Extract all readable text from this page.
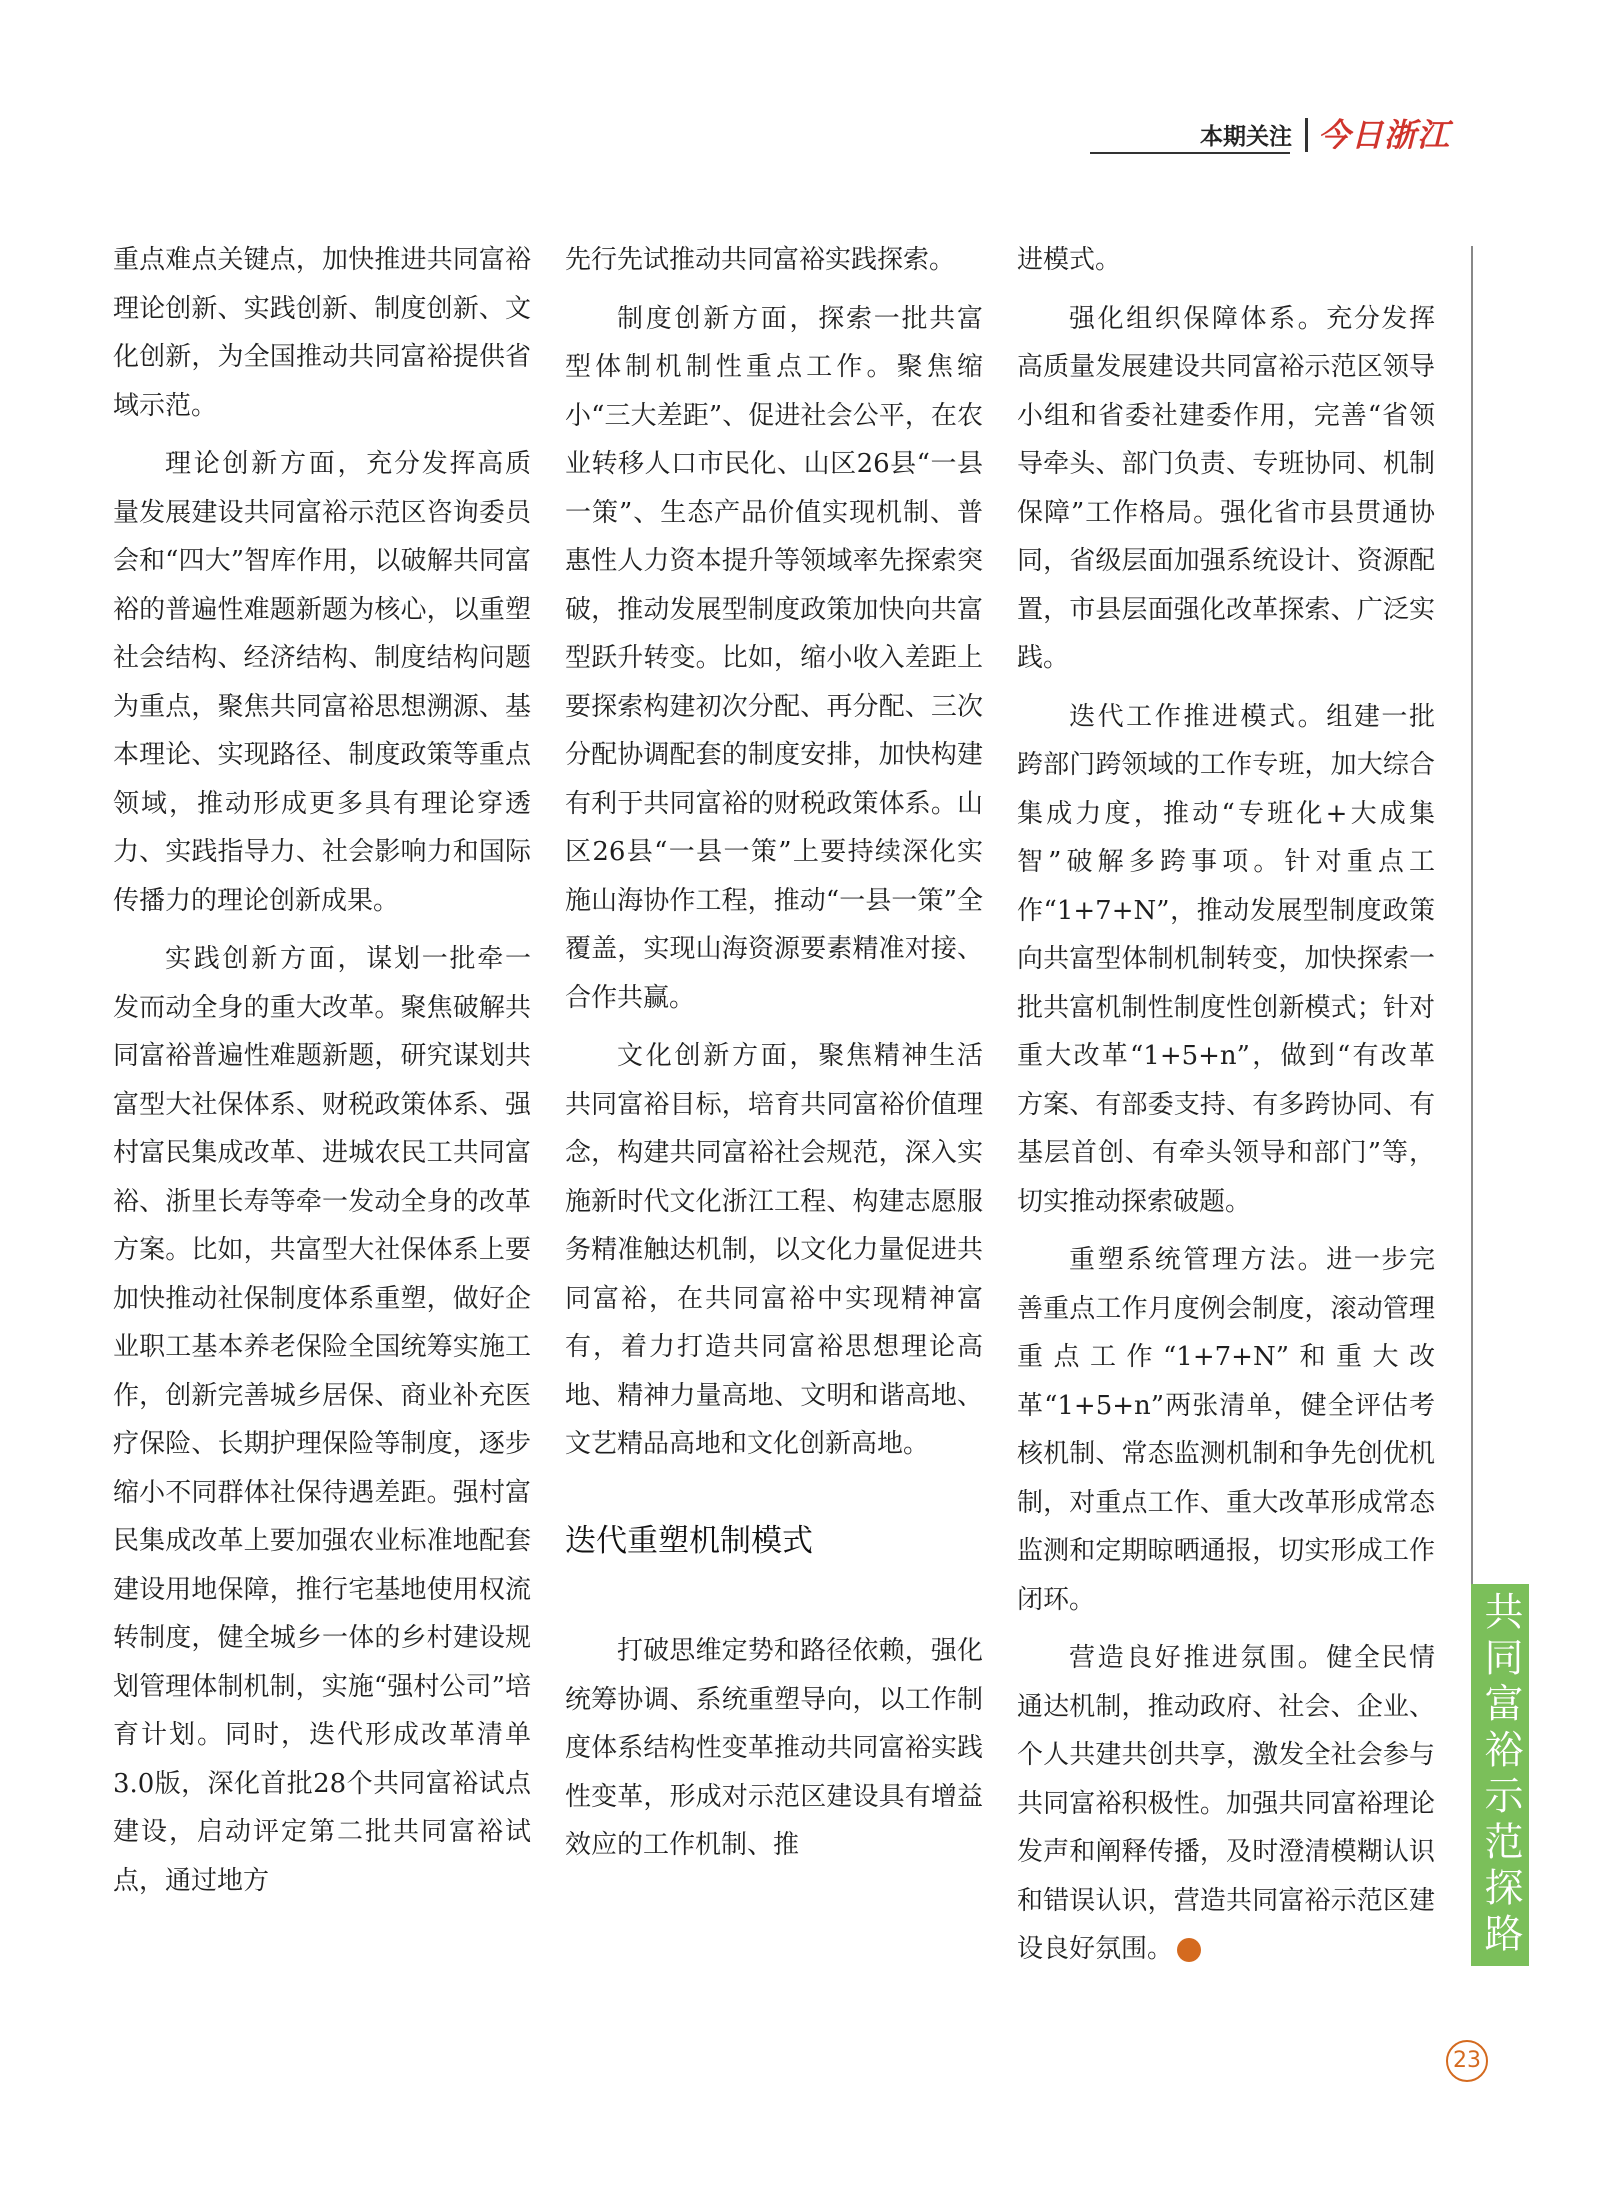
本期关注 今日浙江

重点难点关键点，加快推进共同富裕理论创新、实践创新、制度创新、文化创新，为全国推动共同富裕提供省域示范。

理论创新方面，充分发挥高质量发展建设共同富裕示范区咨询委员会和“四大”智库作用，以破解共同富裕的普遍性难题新题为核心，以重塑社会结构、经济结构、制度结构问题为重点，聚焦共同富裕思想溯源、基本理论、实现路径、制度政策等重点领域，推动形成更多具有理论穿透力、实践指导力、社会影响力和国际传播力的理论创新成果。

实践创新方面，谋划一批牵一发而动全身的重大改革。聚焦破解共同富裕普遍性难题新题，研究谋划共富型大社保体系、财税政策体系、强村富民集成改革、进城农民工共同富裕、浙里长寿等牵一发动全身的改革方案。比如，共富型大社保体系上要加快推动社保制度体系重塑，做好企业职工基本养老保险全国统筹实施工作，创新完善城乡居保、商业补充医疗保险、长期护理保险等制度，逐步缩小不同群体社保待遇差距。强村富民集成改革上要加强农业标准地配套建设用地保障，推行宅基地使用权流转制度，健全城乡一体的乡村建设规划管理体制机制，实施“强村公司”培育计划。同时，迭代形成改革清单3.0版，深化首批28个共同富裕试点建设，启动评定第二批共同富裕试点，通过地方

先行先试推动共同富裕实践探索。

制度创新方面，探索一批共富型体制机制性重点工作。聚焦缩小“三大差距”、促进社会公平，在农业转移人口市民化、山区26县“一县一策”、生态产品价值实现机制、普惠性人力资本提升等领域率先探索突破，推动发展型制度政策加快向共富型跃升转变。比如，缩小收入差距上要探索构建初次分配、再分配、三次分配协调配套的制度安排，加快构建有利于共同富裕的财税政策体系。山区26县“一县一策”上要持续深化实施山海协作工程，推动“一县一策”全覆盖，实现山海资源要素精准对接、合作共赢。

文化创新方面，聚焦精神生活共同富裕目标，培育共同富裕价值理念，构建共同富裕社会规范，深入实施新时代文化浙江工程、构建志愿服务精准触达机制，以文化力量促进共同富裕，在共同富裕中实现精神富有，着力打造共同富裕思想理论高地、精神力量高地、文明和谐高地、文艺精品高地和文化创新高地。

迭代重塑机制模式

打破思维定势和路径依赖，强化统筹协调、系统重塑导向，以工作制度体系结构性变革推动共同富裕实践性变革，形成对示范区建设具有增益效应的工作机制、推

进模式。

强化组织保障体系。充分发挥高质量发展建设共同富裕示范区领导小组和省委社建委作用，完善“省领导牵头、部门负责、专班协同、机制保障”工作格局。强化省市县贯通协同，省级层面加强系统设计、资源配置，市县层面强化改革探索、广泛实践。

迭代工作推进模式。组建一批跨部门跨领域的工作专班，加大综合集成力度，推动“专班化+大成集智”破解多跨事项。针对重点工作“1+7+N”，推动发展型制度政策向共富型体制机制转变，加快探索一批共富机制性制度性创新模式；针对重大改革“1+5+n”，做到“有改革方案、有部委支持、有多跨协同、有基层首创、有牵头领导和部门”等，切实推动探索破题。

重塑系统管理方法。进一步完善重点工作月度例会制度，滚动管理重点工作“1+7+N”和重大改革“1+5+n”两张清单，健全评估考核机制、常态监测机制和争先创优机制，对重点工作、重大改革形成常态监测和定期晾晒通报，切实形成工作闭环。

营造良好推进氛围。健全民情通达机制，推动政府、社会、企业、个人共建共创共享，激发全社会参与共同富裕积极性。加强共同富裕理论发声和阐释传播，及时澄清模糊认识和错误认识，营造共同富裕示范区建设良好氛围。	共同富裕示范探路
23
